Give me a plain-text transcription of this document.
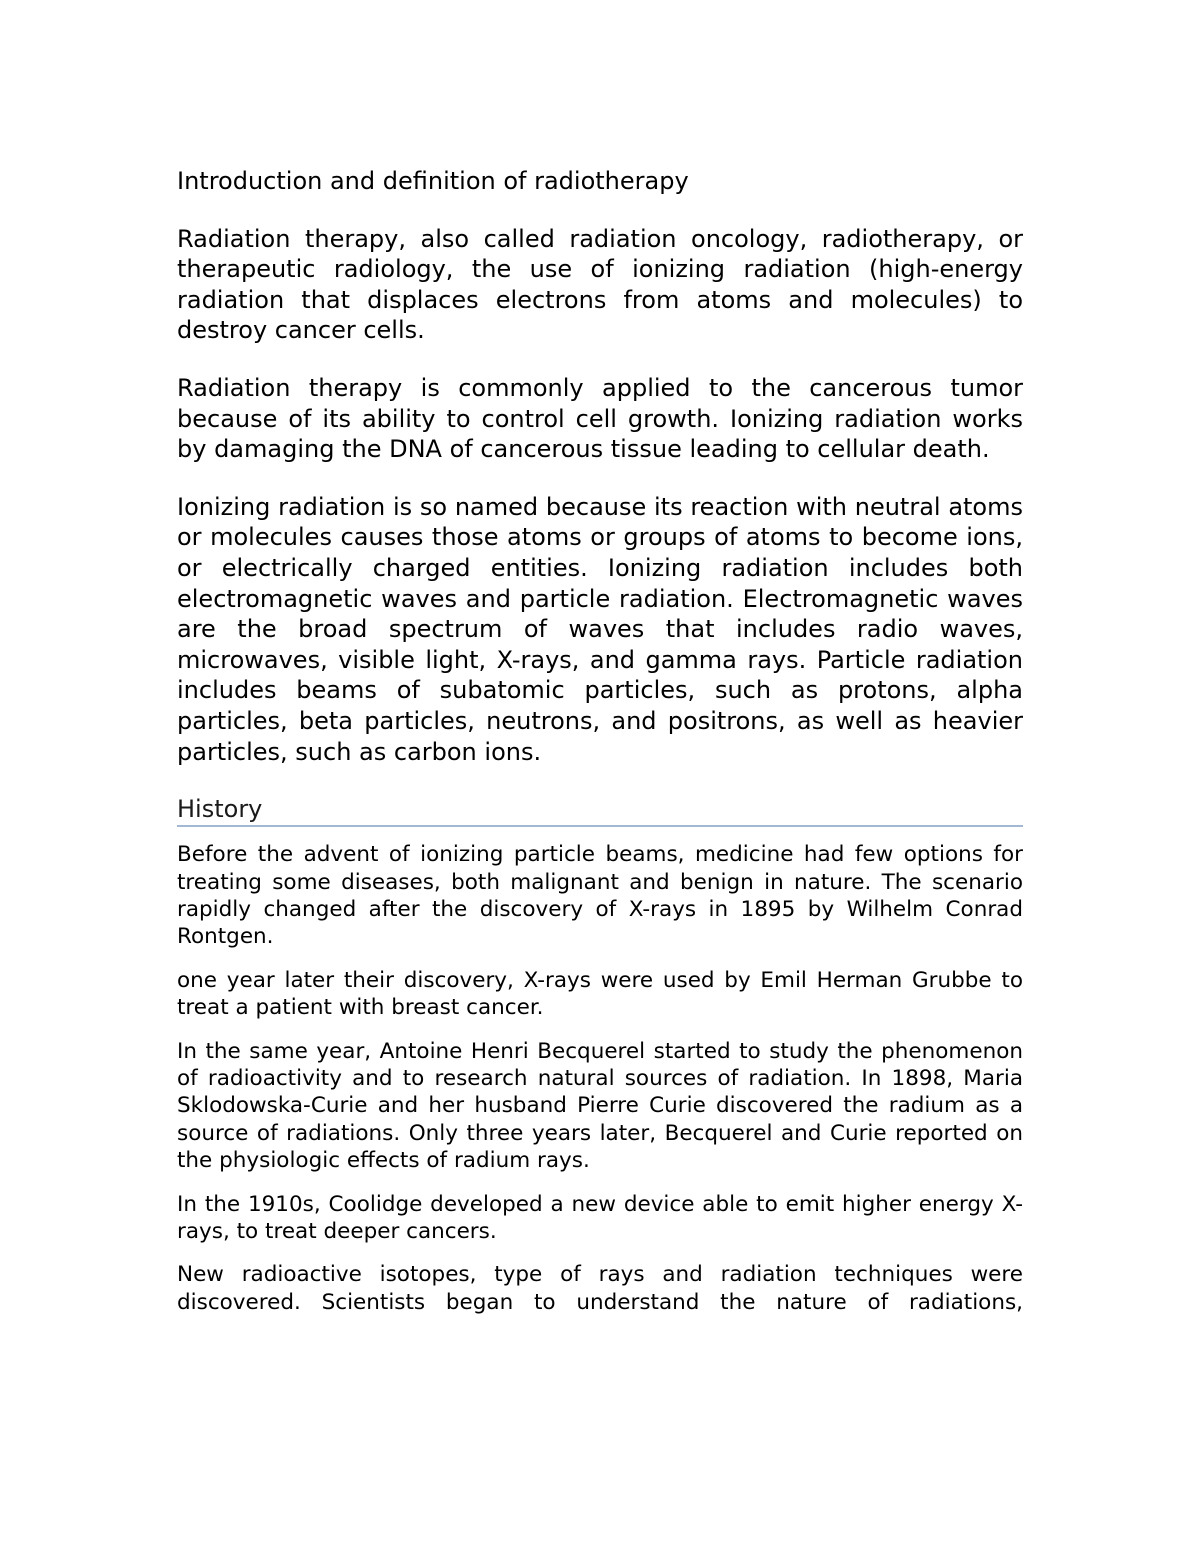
Introduction and definition of radiotherapy

Radiation therapy, also called radiation oncology, radiotherapy, or therapeutic radiology, the use of ionizing radiation (high-energy radiation that displaces electrons from atoms and molecules) to destroy cancer cells.

Radiation therapy is commonly applied to the cancerous tumor because of its ability to control cell growth. Ionizing radiation works by damaging the DNA of cancerous tissue leading to cellular death.

Ionizing radiation is so named because its reaction with neutral atoms or molecules causes those atoms or groups of atoms to become ions, or electrically charged entities. Ionizing radiation includes both electromagnetic waves and particle radiation. Electromagnetic waves are the broad spectrum of waves that includes radio waves, microwaves, visible light, X-rays, and gamma rays. Particle radiation includes beams of subatomic particles, such as protons, alpha particles, beta particles, neutrons, and positrons, as well as heavier particles, such as carbon ions.

History

Before the advent of ionizing particle beams, medicine had few options for treating some diseases, both malignant and benign in nature. The scenario rapidly changed after the discovery of X-rays in 1895 by Wilhelm Conrad Rontgen.

one year later their discovery, X-rays were used by Emil Herman Grubbe to treat a patient with breast cancer.

In the same year, Antoine Henri Becquerel started to study the phenomenon of radioactivity and to research natural sources of radiation. In 1898, Maria Sklodowska-Curie and her husband Pierre Curie discovered the radium as a source of radiations. Only three years later, Becquerel and Curie reported on the physiologic effects of radium rays.

In the 1910s, Coolidge developed a new device able to emit higher energy X-rays, to treat deeper cancers.

New radioactive isotopes, type of rays and radiation techniques were discovered. Scientists began to understand the nature of radiations,
